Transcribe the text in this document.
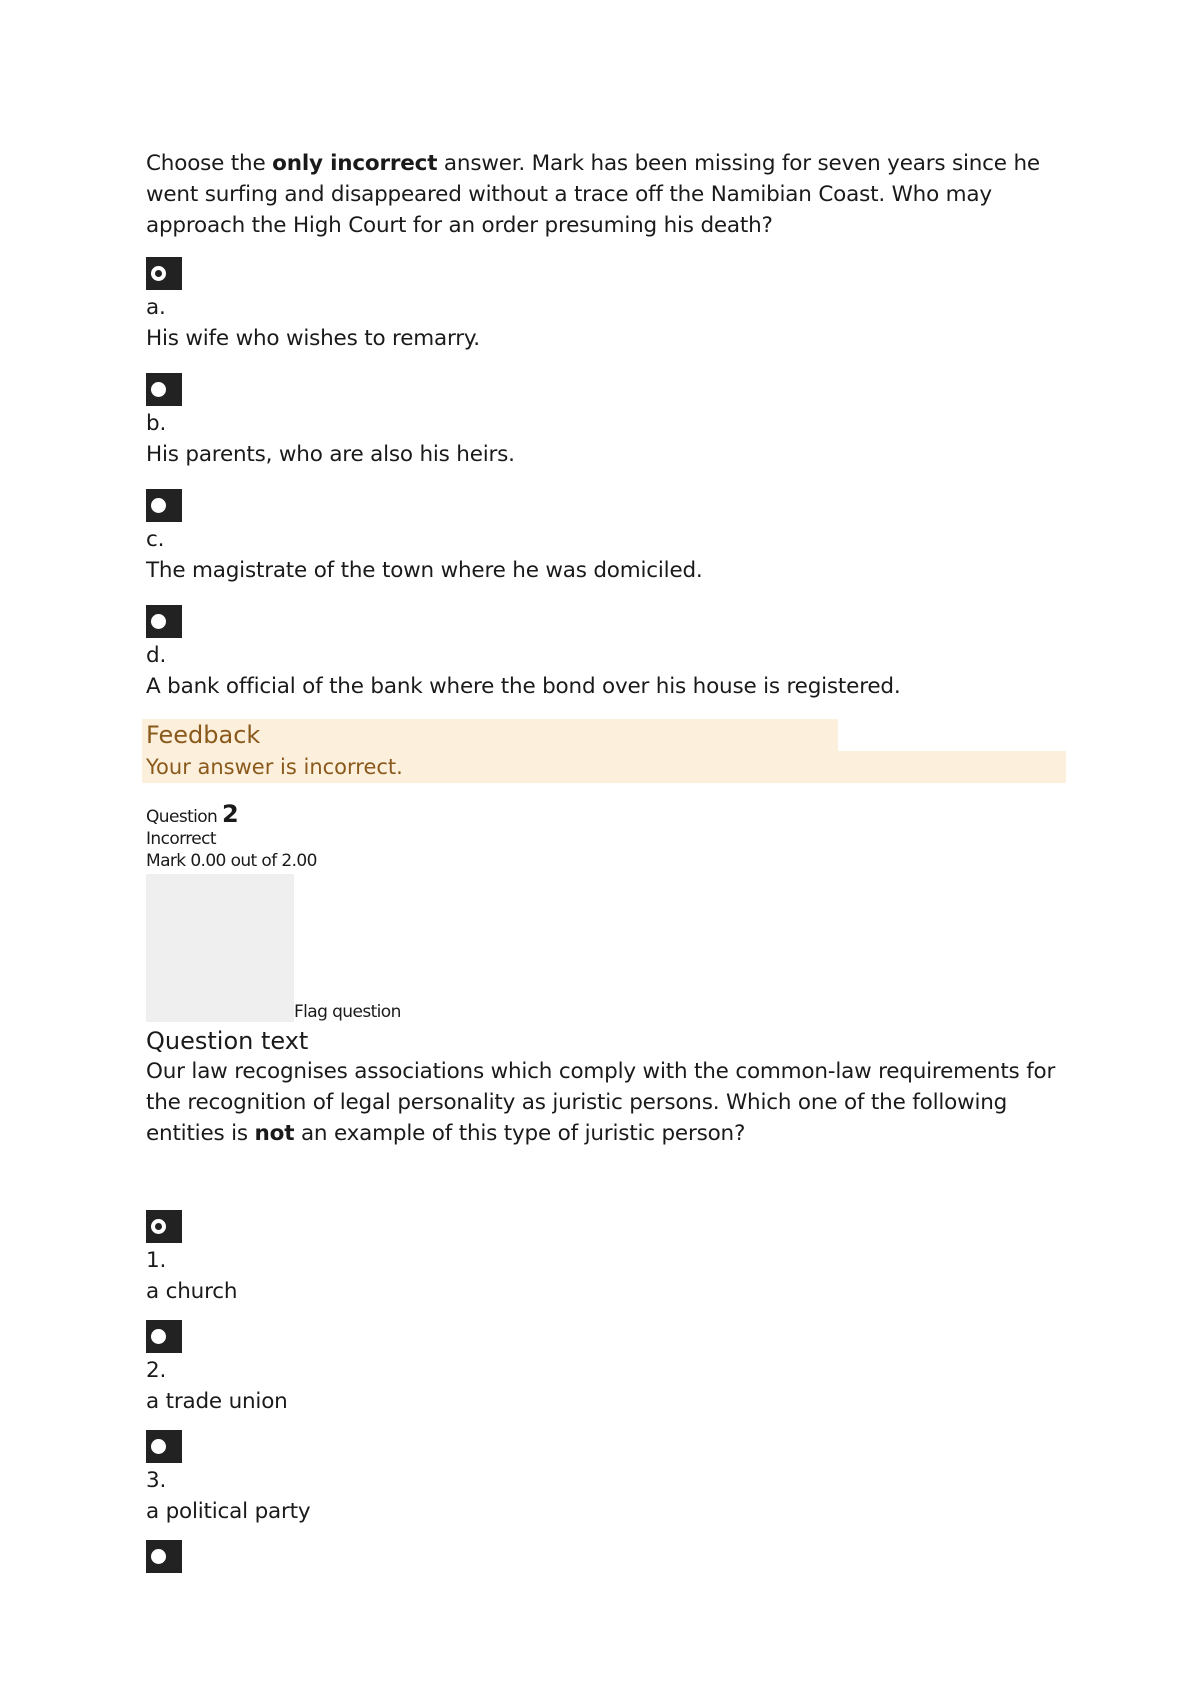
Choose the only incorrect answer. Mark has been missing for seven years since he went surfing and disappeared without a trace off the Namibian Coast. Who may approach the High Court for an order presuming his death?

a.
His wife who wishes to remarry.
b.
His parents, who are also his heirs.
c.
The magistrate of the town where he was domiciled.
d.
A bank official of the bank where the bond over his house is registered.
Feedback
Your answer is incorrect.
Question 2
Incorrect
Mark 0.00 out of 2.00
Flag question
Question text

Our law recognises associations which comply with the common-law requirements for the recognition of legal personality as juristic persons. Which one of the following entities is not an example of this type of juristic person?

1.
a church
2.
a trade union
3.
a political party
